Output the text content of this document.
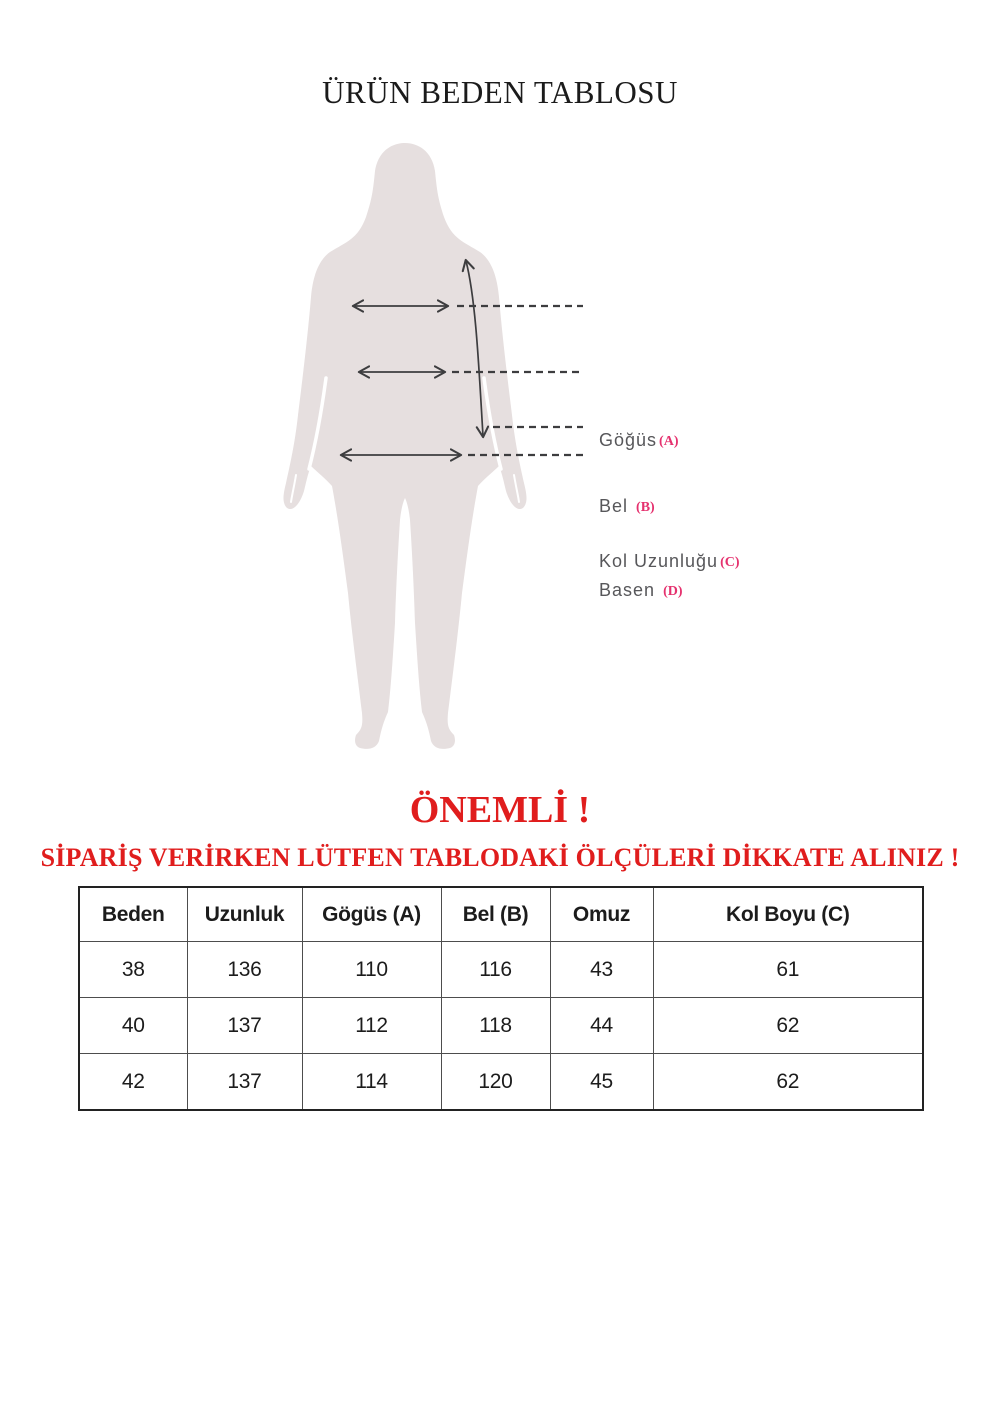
ÜRÜN BEDEN TABLOSU
Göğüs (A)
Bel (B)
Kol Uzunluğu (C)
Basen (D)
ÖNEMLİ !
SİPARİŞ VERİRKEN LÜTFEN TABLODAKİ ÖLÇÜLERİ DİKKATE ALINIZ !
Beden	Uzunluk	Gögüs (A)	Bel (B)	Omuz	Kol Boyu (C)
38	136	110	116	43	61
40	137	112	118	44	62
42	137	114	120	45	62
